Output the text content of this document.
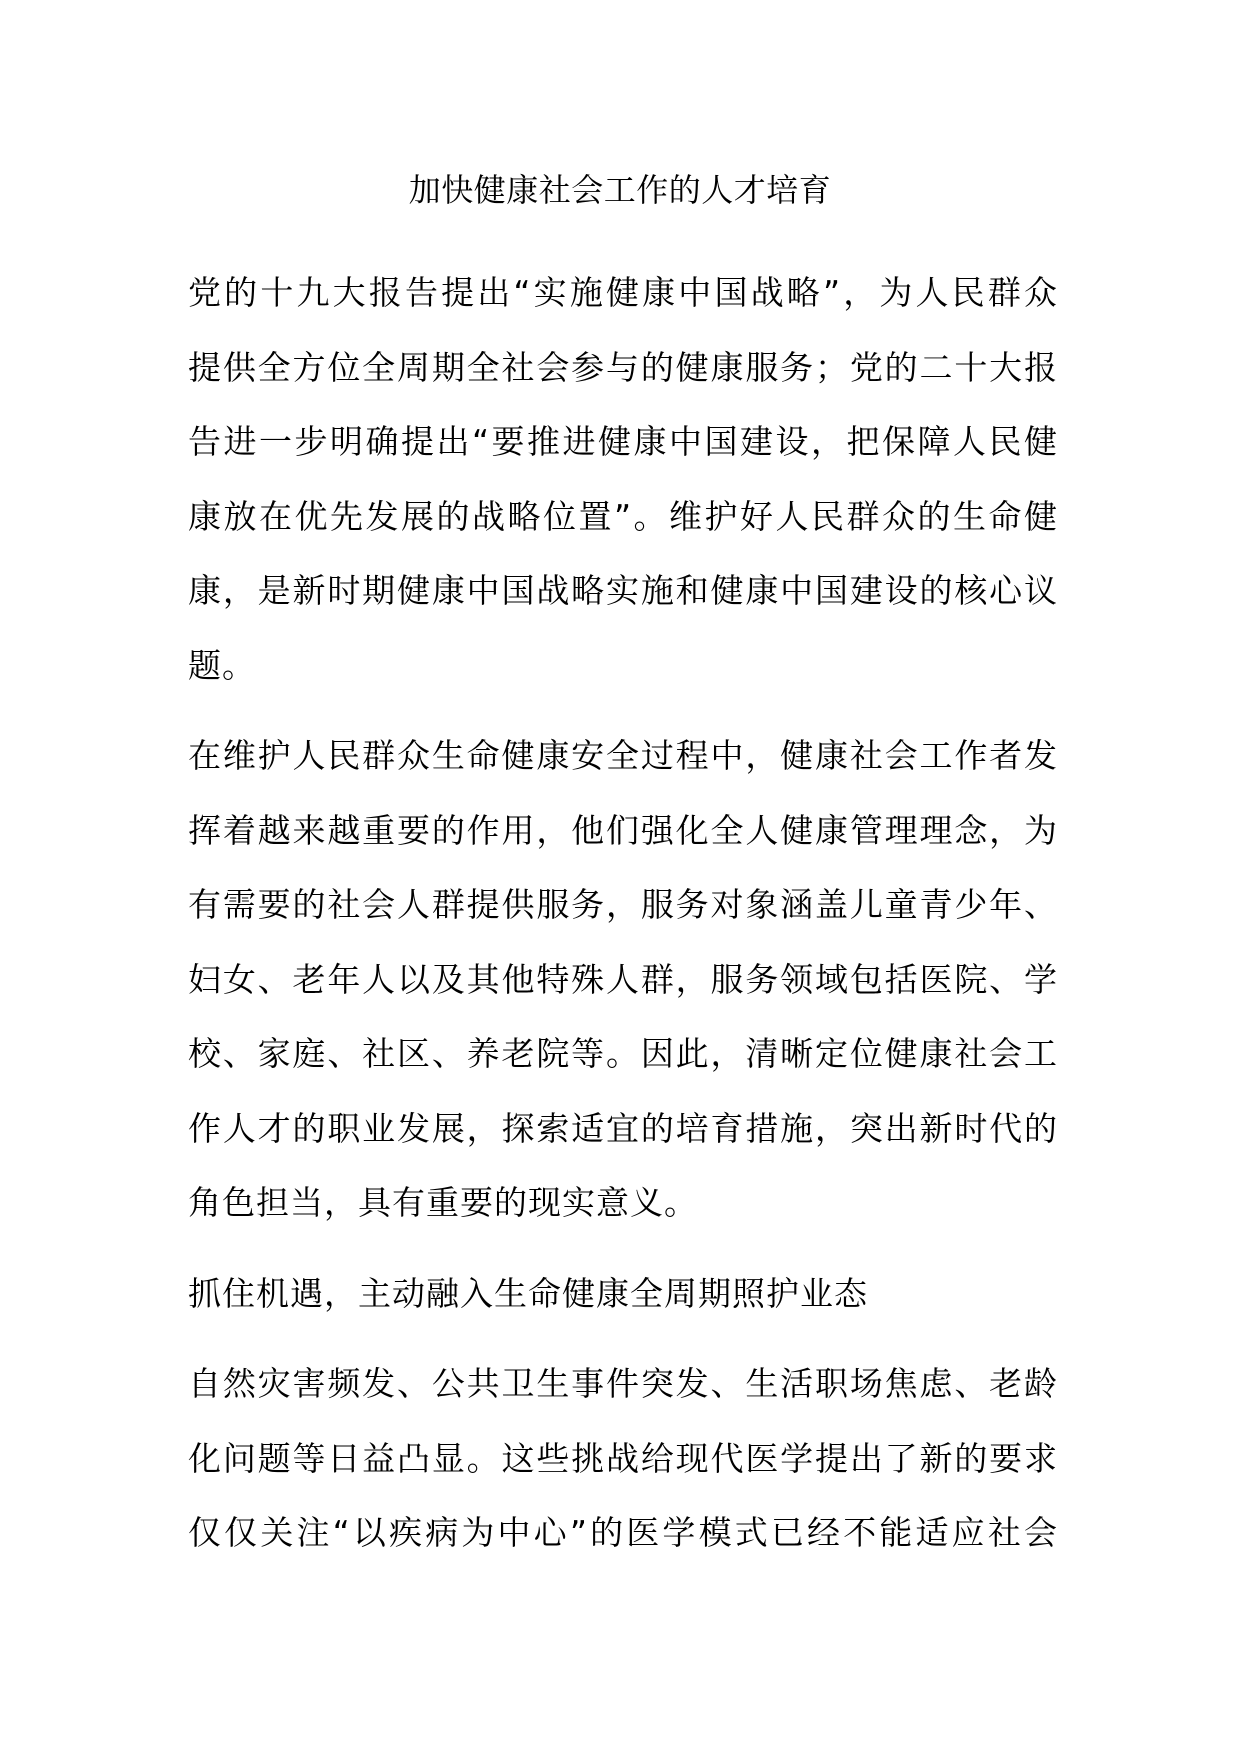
加快健康社会工作的人才培育
党的十九大报告提出“实施健康中国战略”，为人民群众
提供全方位全周期全社会参与的健康服务；党的二十大报
告进一步明确提出“要推进健康中国建设，把保障人民健
康放在优先发展的战略位置”。维护好人民群众的生命健
康，是新时期健康中国战略实施和健康中国建设的核心议
题。
在维护人民群众生命健康安全过程中，健康社会工作者发
挥着越来越重要的作用，他们强化全人健康管理理念，为
有需要的社会人群提供服务，服务对象涵盖儿童青少年、
妇女、老年人以及其他特殊人群，服务领域包括医院、学
校、家庭、社区、养老院等。因此，清晰定位健康社会工
作人才的职业发展，探索适宜的培育措施，突出新时代的
角色担当，具有重要的现实意义。
抓住机遇，主动融入生命健康全周期照护业态
自然灾害频发、公共卫生事件突发、生活职场焦虑、老龄
化问题等日益凸显。这些挑战给现代医学提出了新的要求
仅仅关注“以疾病为中心”的医学模式已经不能适应社会
